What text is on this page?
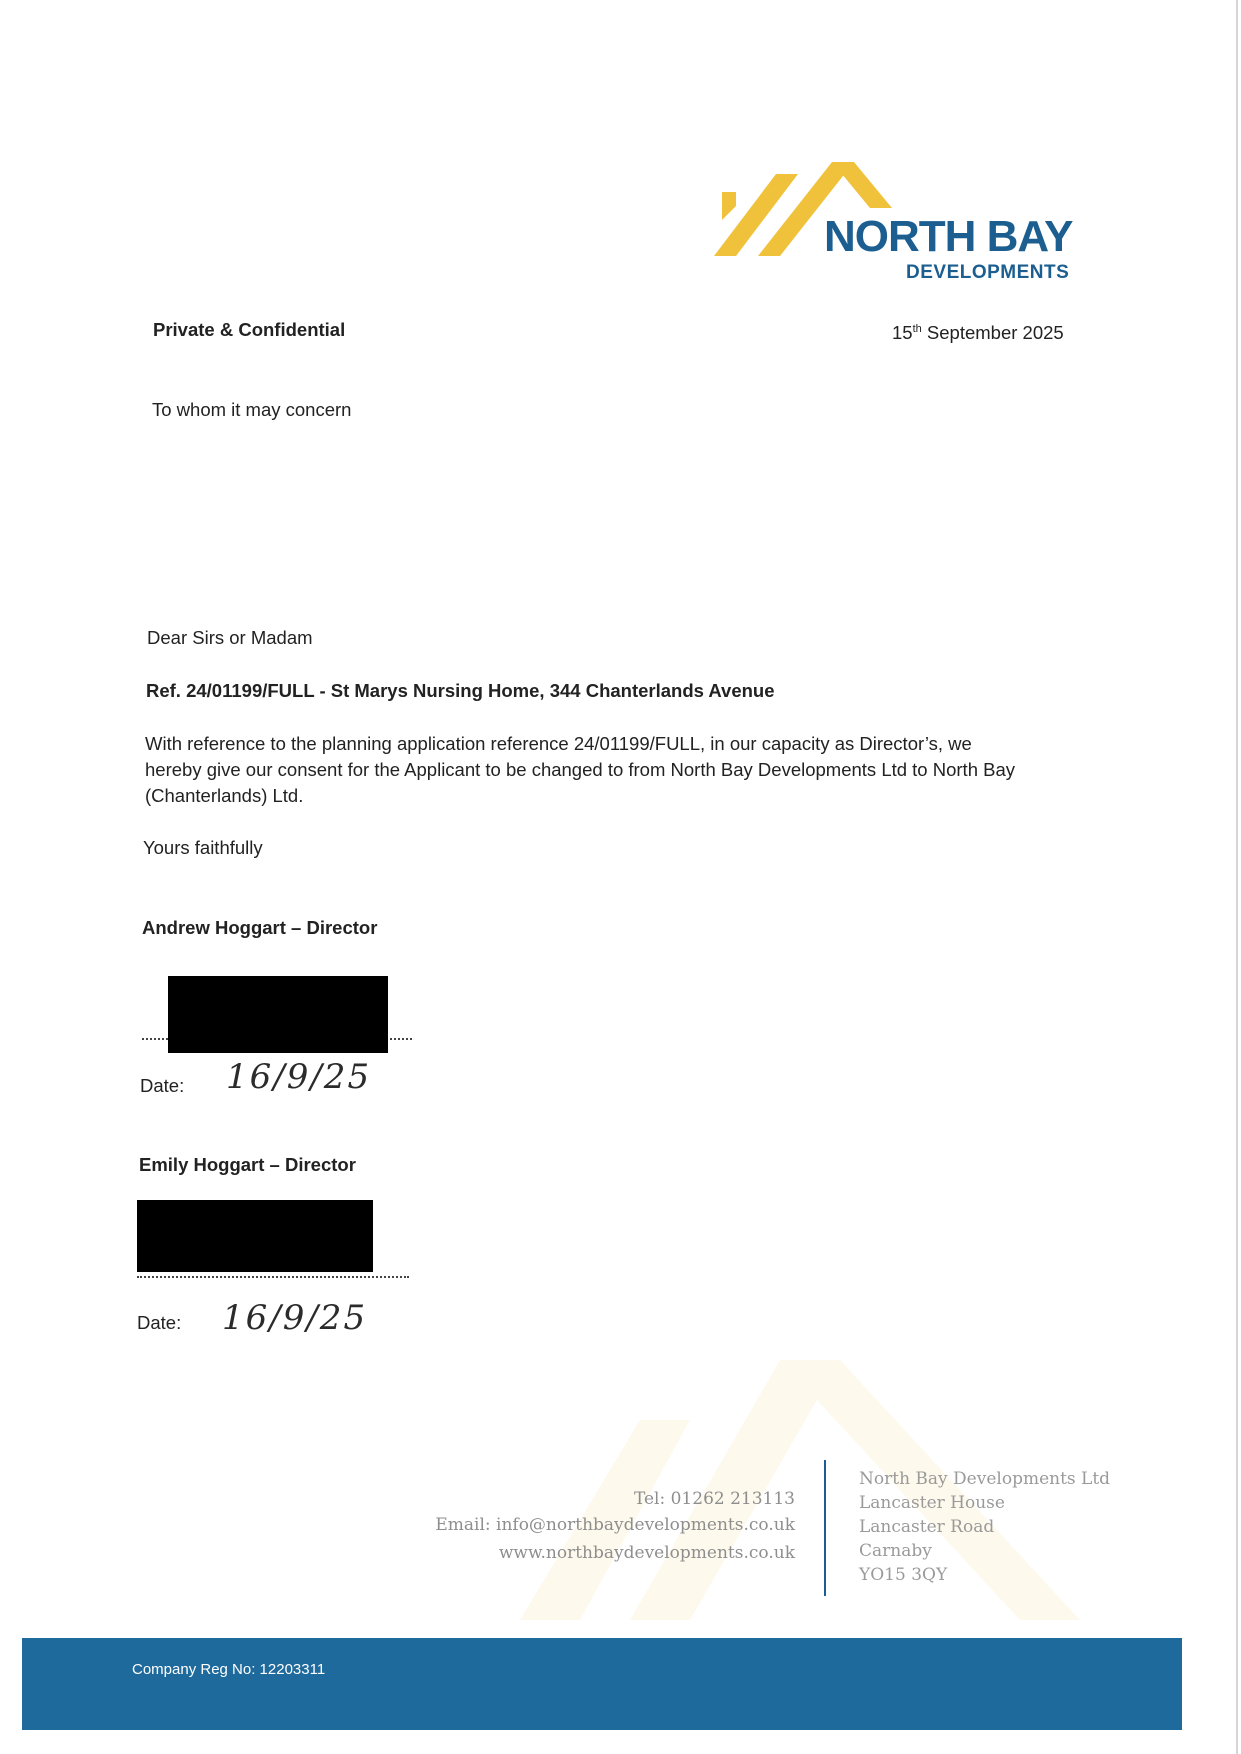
NORTH BAY
DEVELOPMENTS
Private & Confidential	15th September 2025
To whom it may concern
Dear Sirs or Madam
Ref. 24/01199/FULL - St Marys Nursing Home, 344 Chanterlands Avenue
With reference to the planning application reference 24/01199/FULL, in our capacity as Director’s, we
hereby give our consent for the Applicant to be changed to from North Bay Developments Ltd to North Bay
(Chanterlands) Ltd.
Yours faithfully
Andrew Hoggart – Director
Date: 16/9/25
Emily Hoggart – Director
Date: 16/9/25
Tel: 01262 213113
Email: info@northbaydevelopments.co.uk
www.northbaydevelopments.co.uk
North Bay Developments Ltd
Lancaster House
Lancaster Road
Carnaby
YO15 3QY
Company Reg No: 12203311
